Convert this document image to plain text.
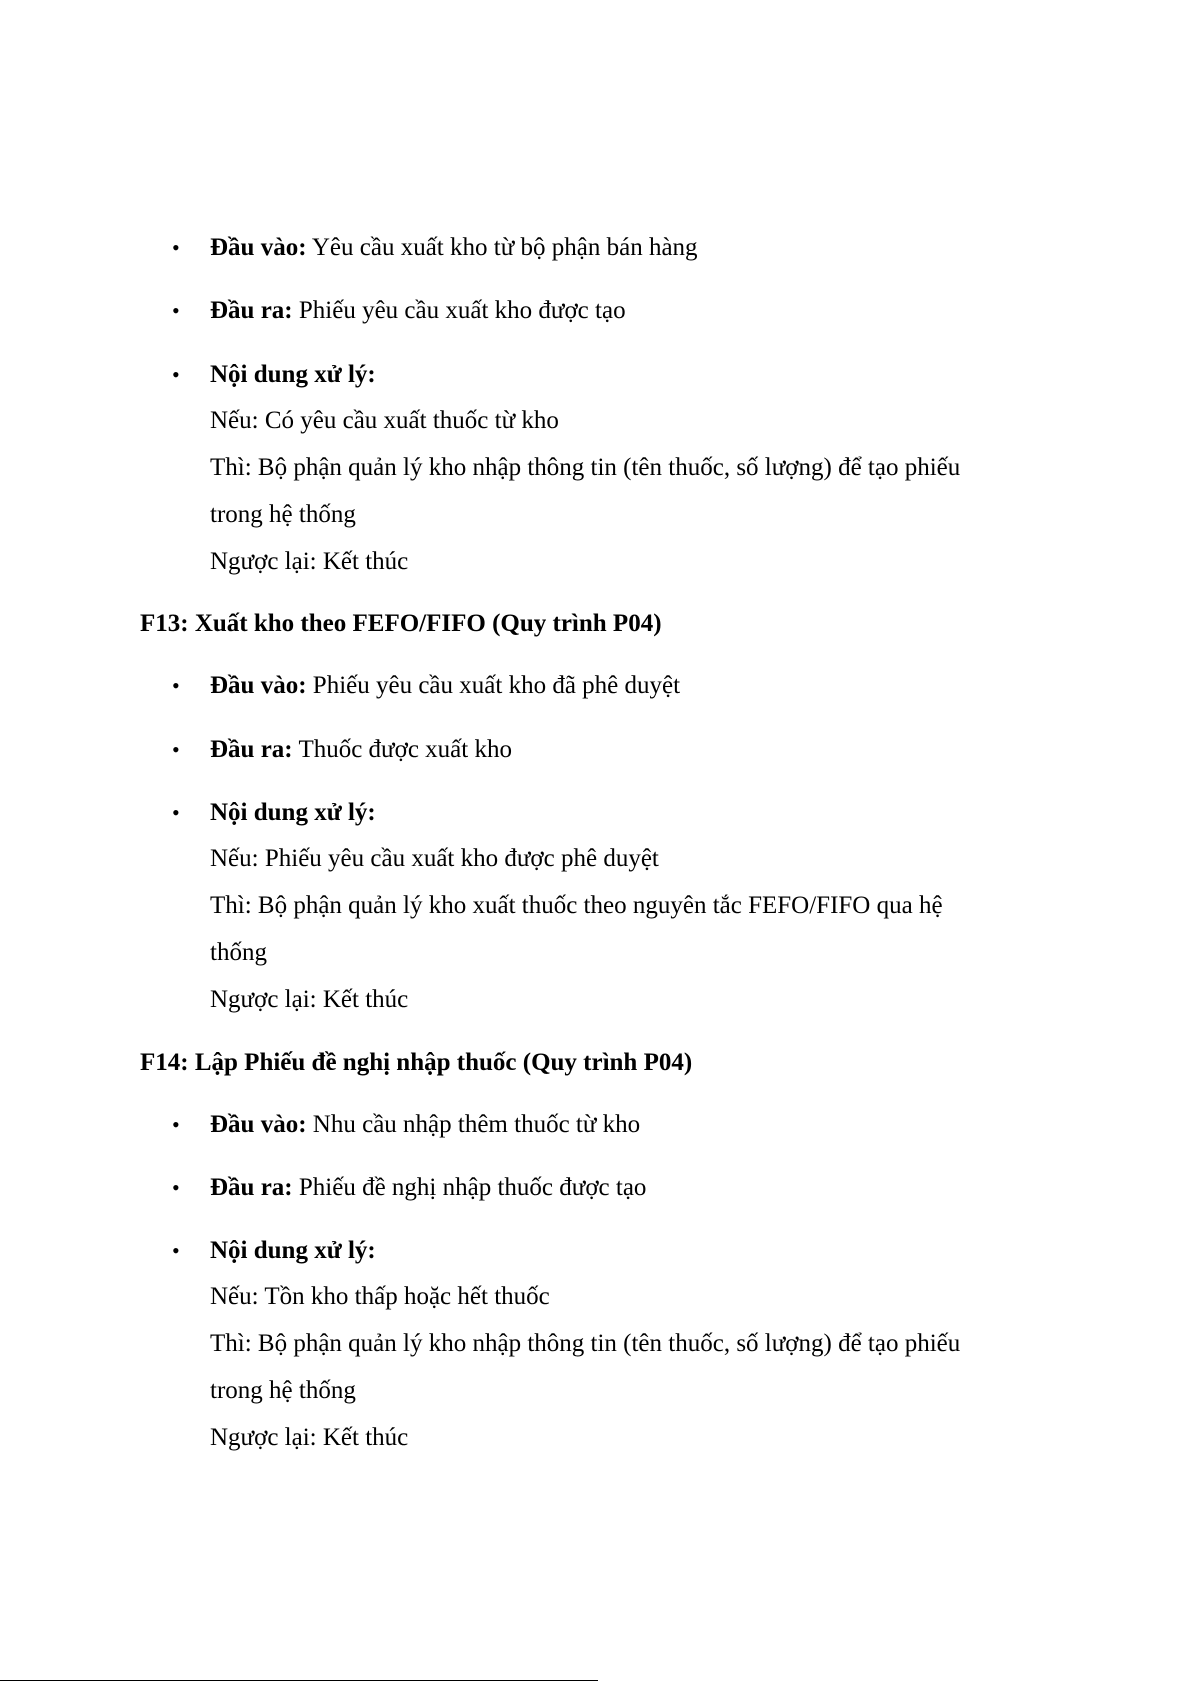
• Đầu vào: Yêu cầu xuất kho từ bộ phận bán hàng
• Đầu ra: Phiếu yêu cầu xuất kho được tạo
• Nội dung xử lý:
Nếu: Có yêu cầu xuất thuốc từ kho
Thì: Bộ phận quản lý kho nhập thông tin (tên thuốc, số lượng) để tạo phiếu
trong hệ thống
Ngược lại: Kết thúc
F13: Xuất kho theo FEFO/FIFO (Quy trình P04)
• Đầu vào: Phiếu yêu cầu xuất kho đã phê duyệt
• Đầu ra: Thuốc được xuất kho
• Nội dung xử lý:
Nếu: Phiếu yêu cầu xuất kho được phê duyệt
Thì: Bộ phận quản lý kho xuất thuốc theo nguyên tắc FEFO/FIFO qua hệ
thống
Ngược lại: Kết thúc
F14: Lập Phiếu đề nghị nhập thuốc (Quy trình P04)
• Đầu vào: Nhu cầu nhập thêm thuốc từ kho
• Đầu ra: Phiếu đề nghị nhập thuốc được tạo
• Nội dung xử lý:
Nếu: Tồn kho thấp hoặc hết thuốc
Thì: Bộ phận quản lý kho nhập thông tin (tên thuốc, số lượng) để tạo phiếu
trong hệ thống
Ngược lại: Kết thúc
